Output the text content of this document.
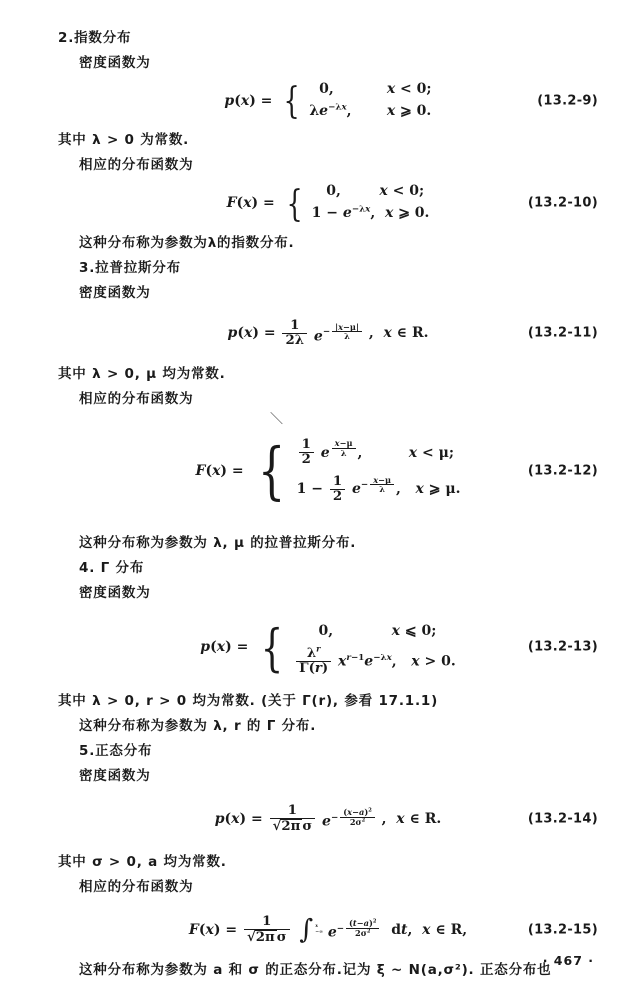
2.指数分布

密度函数为

p(x) = { 0,	x < 0;
$\lambda e^{-\lambda x}$,	x ⩾ 0.
(13.2-9)

其中 λ > 0 为常数.

相应的分布函数为

F(x) = { 0,	x < 0;
$1 - e^{-\lambda x}$, x ⩾ 0.
(13.2-10)

这种分布称为参数为λ的指数分布.

3.拉普拉斯分布

密度函数为

$p(x) = \frac{1}{2\lambda} e^{- \frac{|x-\mu|}{\lambda}}$ ,  x ∈ R.	(13.2-11)

其中 λ > 0, μ 均为常数.

相应的分布函数为

F(x) = { $\frac{1}{2}$ e $^{\frac{x-\mu}{\lambda}}$ ,	x < μ;
$1 - \frac{1}{2} e^{- \frac{x-\mu}{\lambda}}$ , x ⩾ μ.
(13.2-12)

这种分布称为参数为 λ, μ 的拉普拉斯分布.

4. Γ 分布

密度函数为

p(x) = { 0,	x ⩽ 0;
$\frac{\lambda^r}{\Gamma(r)} x^{r-1}e^{-\lambda x}$, x > 0.
(13.2-13)

其中 λ > 0, r > 0 均为常数. (关于 Γ(r), 参看 17.1.1)

这种分布称为参数为 λ, r 的 Γ 分布.

5.正态分布

密度函数为

$p(x) = \frac{1}{\text{√2π σ}} e^{- \frac{(x-a)^2}{2\sigma^2}}$ ,  x ∈ R.	(13.2-14)

其中 σ > 0, a 均为常数.

相应的分布函数为

$F(x) = \frac{1}{\text{√2π σ}}$ ∫ x
−∞ $e^{- \frac{(t-a)^2}{2\sigma^2}}$ dt,  x ∈ R,	(13.2-15)

这种分布称为参数为 a 和 σ 的正态分布.记为 ξ ~ N(a,σ²). 正态分布也

＼
· 467 ·
